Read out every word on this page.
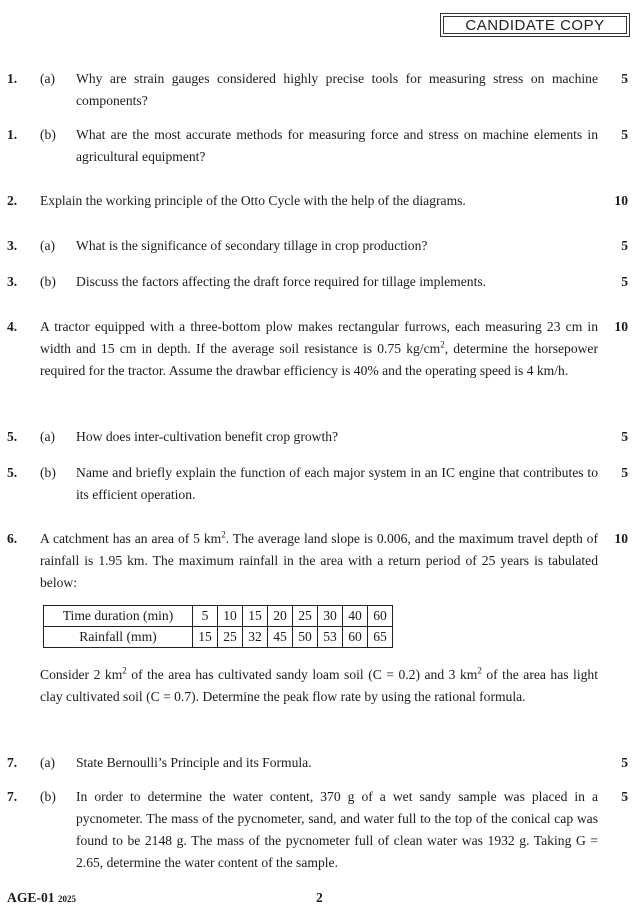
CANDIDATE COPY
1. (a) Why are strain gauges considered highly precise tools for measuring stress on machine components?
5
1. (b) What are the most accurate methods for measuring force and stress on machine elements in agricultural equipment?
5
2. Explain the working principle of the Otto Cycle with the help of the diagrams.	10
3. (a) What is the significance of secondary tillage in crop production?	5
3. (b) Discuss the factors affecting the draft force required for tillage implements.	5
4. A tractor equipped with a three-bottom plow makes rectangular furrows, each measuring 23 cm in width and 15 cm in depth. If the average soil resistance is 0.75 $kg/cm^2$, determine the horsepower required for the tractor. Assume the drawbar efficiency is 40% and the operating speed is 4 km/h.
10
5. (a) How does inter-cultivation benefit crop growth?	5
5. (b) Name and briefly explain the function of each major system in an IC engine that contributes to its efficient operation.
5
6. A catchment has an area of 5 $km^2$. The average land slope is 0.006, and the maximum travel depth of rainfall is 1.95 km. The maximum rainfall in the area with a return period of 25 years is tabulated below:
10
Time duration (min)	5	10	15	20	25	30	40	60
Rainfall (mm)	15	25	32	45	50	53	60	65
Consider 2 $km^2$ of the area has cultivated sandy loam soil (C = 0.2) and 3 $km^2$ of the area has light clay cultivated soil (C = 0.7). Determine the peak flow rate by using the rational formula.
7. (a) State Bernoulli’s Principle and its Formula.	5
7. (b) In order to determine the water content, 370 g of a wet sandy sample was placed in a pycnometer. The mass of the pycnometer, sand, and water full to the top of the conical cap was found to be 2148 g. The mass of the pycnometer full of clean water was 1932 g. Taking G = 2.65, determine the water content of the sample.
5
AGE-01 2025	2
